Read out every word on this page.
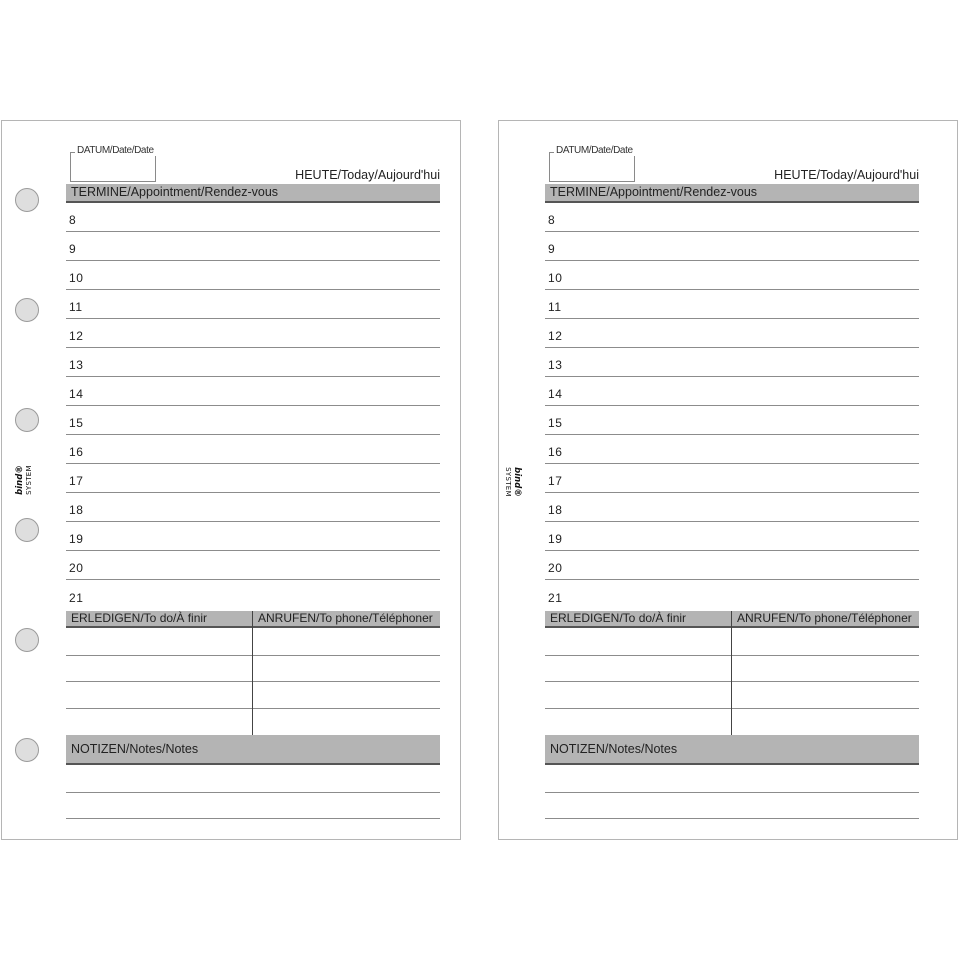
bind® SYSTEM
DATUM/Date/Date
HEUTE/Today/Aujourd'hui
TERMINE/Appointment/Rendez-vous
8
9
10
11
12
13
14
15
16
17
18
19
20
21
ERLEDIGEN/To do/À finir	ANRUFEN/To phone/Téléphoner
NOTIZEN/Notes/Notes
bind®
SYSTEM
DATUM/Date/Date
HEUTE/Today/Aujourd'hui
TERMINE/Appointment/Rendez-vous
8
9
10
11
12
13
14
15
16
17
18
19
20
21
ERLEDIGEN/To do/À finir	ANRUFEN/To phone/Téléphoner
NOTIZEN/Notes/Notes
